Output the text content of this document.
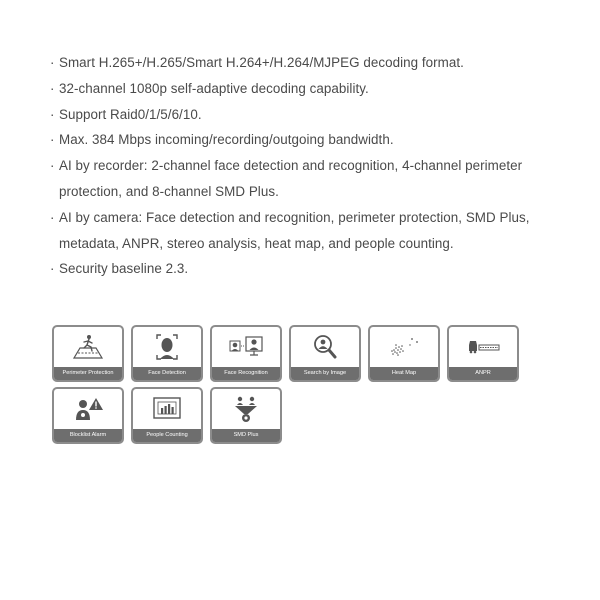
· Smart H.265+/H.265/Smart H.264+/H.264/MJPEG decoding format.
· 32-channel 1080p self-adaptive decoding capability.
· Support Raid0/1/5/6/10.
· Max. 384 Mbps incoming/recording/outgoing bandwidth.
· AI by recorder: 2-channel face detection and recognition, 4-channel perimeter protection, and 8-channel SMD Plus.
· AI by camera: Face detection and recognition, perimeter protection, SMD Plus, metadata, ANPR, stereo analysis, heat map, and people counting.
· Security baseline 2.3.
Perimeter Protection	Face Detection	Face Recognition	Search by Image	Heat Map	ANPR
Blocklist Alarm	People Counting	SMD Plus
